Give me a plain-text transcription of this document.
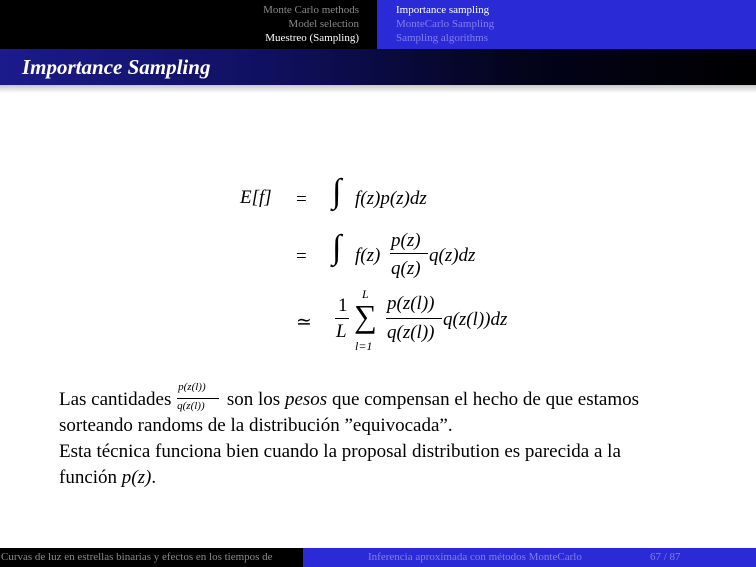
Monte Carlo methods
Model selection
Muestreo (Sampling)
Importance sampling
MonteCarlo Sampling
Sampling algorithms
Importance Sampling
E[f] = ∫ f(z)p(z)dz
= ∫ f(z)
p(z)
q(z)
q(z)dz
≃
1
L
L
∑
l=1
p(z(l))
q(z(l))
q(z(l))dz
Las cantidades $\frac{p(z(l))}{q(z(l))}$ son los pesos que compensan el hecho de que estamos
sorteando randoms de la distribución ”equivocada”.
Esta técnica funciona bien cuando la proposal distribution es parecida a la
función p(z).
Curvas de luz en estrellas binarias y efectos en los tiempos de	Inferencia aproximada con métodos MonteCarlo	67 / 87
